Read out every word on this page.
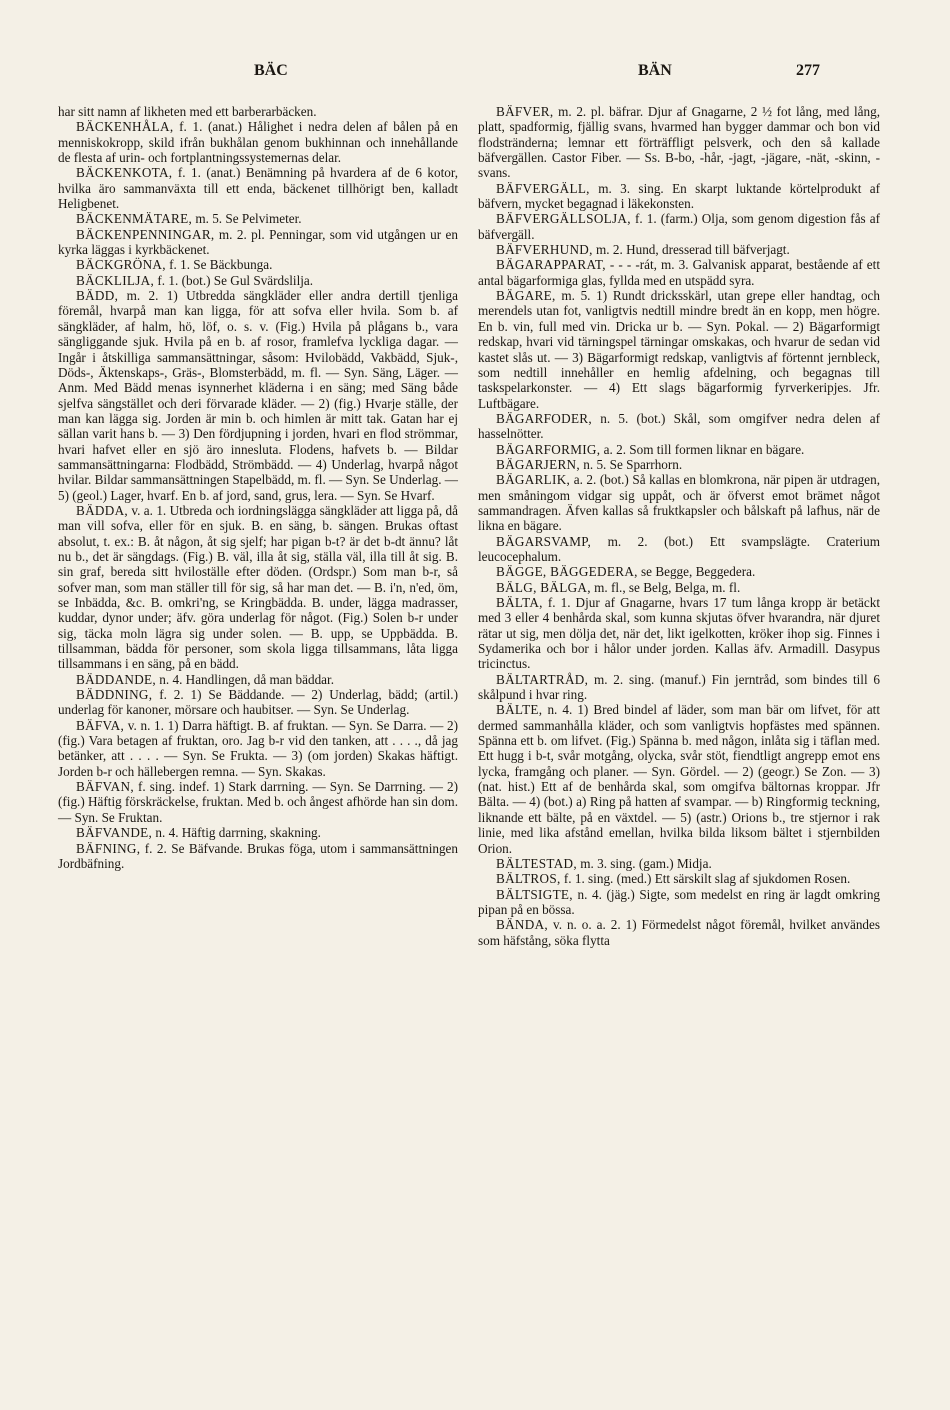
BÄC	BÄN	277

har sitt namn af likheten med ett barberarbäcken.

BÄCKENHÅLA, f. 1. (anat.) Hålighet i nedra delen af bålen på en menniskokropp, skild ifrån bukhålan genom bukhinnan och innehållande de flesta af urin- och fortplantningssystemernas delar.

BÄCKENKOTA, f. 1. (anat.) Benämning på hvardera af de 6 kotor, hvilka äro sammanväxta till ett enda, bäckenet tillhörigt ben, kalladt Heligbenet.

BÄCKENMÄTARE, m. 5. Se Pelvimeter.

BÄCKENPENNINGAR, m. 2. pl. Penningar, som vid utgången ur en kyrka läggas i kyrkbäckenet.

BÄCKGRÖNA, f. 1. Se Bäckbunga.

BÄCKLILJA, f. 1. (bot.) Se Gul Svärdslilja.

BÄDD, m. 2. 1) Utbredda sängkläder eller andra dertill tjenliga föremål, hvarpå man kan ligga, för att sofva eller hvila. Som b. af sängkläder, af halm, hö, löf, o. s. v. (Fig.) Hvila på plågans b., vara sängliggande sjuk. Hvila på en b. af rosor, framlefva lyckliga dagar. — Ingår i åtskilliga sammansättningar, såsom: Hvilobädd, Vakbädd, Sjuk-, Döds-, Äktenskaps-, Gräs-, Blomsterbädd, m. fl. — Syn. Säng, Läger. — Anm. Med Bädd menas isynnerhet kläderna i en säng; med Säng både sjelfva sängstället och deri förvarade kläder. — 2) (fig.) Hvarje ställe, der man kan lägga sig. Jorden är min b. och himlen är mitt tak. Gatan har ej sällan varit hans b. — 3) Den fördjupning i jorden, hvari en flod strömmar, hvari hafvet eller en sjö äro innesluta. Flodens, hafvets b. — Bildar sammansättningarna: Flodbädd, Strömbädd. — 4) Underlag, hvarpå något hvilar. Bildar sammansättningen Stapelbädd, m. fl. — Syn. Se Underlag. — 5) (geol.) Lager, hvarf. En b. af jord, sand, grus, lera. — Syn. Se Hvarf.

BÄDDA, v. a. 1. Utbreda och iordningslägga sängkläder att ligga på, då man vill sofva, eller för en sjuk. B. en säng, b. sängen. Brukas oftast absolut, t. ex.: B. åt någon, åt sig sjelf; har pigan b-t? är det b-dt ännu? låt nu b., det är sängdags. (Fig.) B. väl, illa åt sig, ställa väl, illa till åt sig. B. sin graf, bereda sitt hviloställe efter döden. (Ordspr.) Som man b-r, så sofver man, som man ställer till för sig, så har man det. — B. i'n, n'ed, öm, se Inbädda, &c. B. omkri'ng, se Kringbädda. B. under, lägga madrasser, kuddar, dynor under; äfv. göra underlag för något. (Fig.) Solen b-r under sig, täcka moln lägra sig under solen. — B. upp, se Uppbädda. B. tillsamman, bädda för personer, som skola ligga tillsammans, låta ligga tillsammans i en säng, på en bädd.

BÄDDANDE, n. 4. Handlingen, då man bäddar.

BÄDDNING, f. 2. 1) Se Bäddande. — 2) Underlag, bädd; (artil.) underlag för kanoner, mörsare och haubitser. — Syn. Se Underlag.

BÄFVA, v. n. 1. 1) Darra häftigt. B. af fruktan. — Syn. Se Darra. — 2) (fig.) Vara betagen af fruktan, oro. Jag b-r vid den tanken, att . . . ., då jag betänker, att . . . . — Syn. Se Frukta. — 3) (om jorden) Skakas häftigt. Jorden b-r och hällebergen remna. — Syn. Skakas.

BÄFVAN, f. sing. indef. 1) Stark darrning. — Syn. Se Darrning. — 2) (fig.) Häftig förskräckelse, fruktan. Med b. och ångest afhörde han sin dom. — Syn. Se Fruktan.

BÄFVANDE, n. 4. Häftig darrning, skakning.

BÄFNING, f. 2. Se Bäfvande. Brukas föga, utom i sammansättningen Jordbäfning.

BÄFVER, m. 2. pl. bäfrar. Djur af Gnagarne, 2 ½ fot lång, med lång, platt, spadformig, fjällig svans, hvarmed han bygger dammar och bon vid flodstränderna; lemnar ett förträffligt pelsverk, och den så kallade bäfvergällen. Castor Fiber. — Ss. B-bo, -hår, -jagt, -jägare, -nät, -skinn, -svans.

BÄFVERGÄLL, m. 3. sing. En skarpt luktande körtelprodukt af bäfvern, mycket begagnad i läkekonsten.

BÄFVERGÄLLSOLJA, f. 1. (farm.) Olja, som genom digestion fås af bäfvergäll.

BÄFVERHUND, m. 2. Hund, dresserad till bäfverjagt.

BÄGARAPPARAT, - - - -rát, m. 3. Galvanisk apparat, bestående af ett antal bägarformiga glas, fyllda med en utspädd syra.

BÄGARE, m. 5. 1) Rundt dricksskärl, utan grepe eller handtag, och merendels utan fot, vanligtvis nedtill mindre bredt än en kopp, men högre. En b. vin, full med vin. Dricka ur b. — Syn. Pokal. — 2) Bägarformigt redskap, hvari vid tärningspel tärningar omskakas, och hvarur de sedan vid kastet slås ut. — 3) Bägarformigt redskap, vanligtvis af förtennt jernbleck, som nedtill innehåller en hemlig afdelning, och begagnas till taskspelarkonster. — 4) Ett slags bägarformig fyrverkeripjes. Jfr. Luftbägare.

BÄGARFODER, n. 5. (bot.) Skål, som omgifver nedra delen af hasselnötter.

BÄGARFORMIG, a. 2. Som till formen liknar en bägare.

BÄGARJERN, n. 5. Se Sparrhorn.

BÄGARLIK, a. 2. (bot.) Så kallas en blomkrona, när pipen är utdragen, men småningom vidgar sig uppåt, och är öfverst emot brämet något sammandragen. Äfven kallas så fruktkapsler och bålskaft på lafhus, när de likna en bägare.

BÄGARSVAMP, m. 2. (bot.) Ett svampslägte. Craterium leucocephalum.

BÄGGE, BÄGGEDERA, se Begge, Beggedera.

BÄLG, BÄLGA, m. fl., se Belg, Belga, m. fl.

BÄLTA, f. 1. Djur af Gnagarne, hvars 17 tum långa kropp är betäckt med 3 eller 4 benhårda skal, som kunna skjutas öfver hvarandra, när djuret rätar ut sig, men dölja det, när det, likt igelkotten, kröker ihop sig. Finnes i Sydamerika och bor i hålor under jorden. Kallas äfv. Armadill. Dasypus tricinctus.

BÄLTARTRÅD, m. 2. sing. (manuf.) Fin jerntråd, som bindes till 6 skålpund i hvar ring.

BÄLTE, n. 4. 1) Bred bindel af läder, som man bär om lifvet, för att dermed sammanhålla kläder, och som vanligtvis hopfästes med spännen. Spänna ett b. om lifvet. (Fig.) Spänna b. med någon, inlåta sig i täflan med. Ett hugg i b-t, svår motgång, olycka, svår stöt, fiendtligt angrepp emot ens lycka, framgång och planer. — Syn. Gördel. — 2) (geogr.) Se Zon. — 3) (nat. hist.) Ett af de benhårda skal, som omgifva bältornas kroppar. Jfr Bälta. — 4) (bot.) a) Ring på hatten af svampar. — b) Ringformig teckning, liknande ett bälte, på en växtdel. — 5) (astr.) Orions b., tre stjernor i rak linie, med lika afstånd emellan, hvilka bilda liksom bältet i stjernbilden Orion.

BÄLTESTAD, m. 3. sing. (gam.) Midja.

BÄLTROS, f. 1. sing. (med.) Ett särskilt slag af sjukdomen Rosen.

BÄLTSIGTE, n. 4. (jäg.) Sigte, som medelst en ring är lagdt omkring pipan på en bössa.

BÄNDA, v. n. o. a. 2. 1) Förmedelst något föremål, hvilket användes som häfstång, söka flytta
